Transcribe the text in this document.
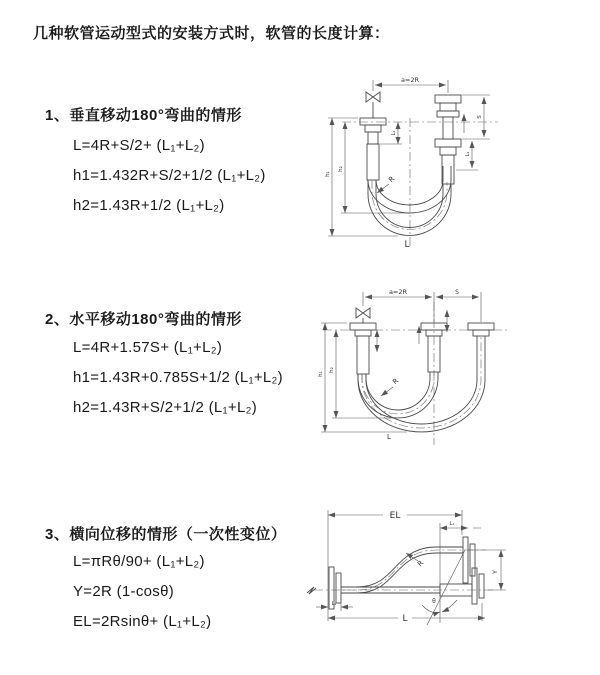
几种软管运动型式的安装方式时，软管的长度计算：
1、垂直移动180°弯曲的情形
L=4R+S/2+ (L₁+L₂)
h1=1.432R+S/2+1/2 (L₁+L₂)
h2=1.43R+1/2 (L₁+L₂)
a=2R
L₁
S
L₁
h₁
h₂
R
L
2、水平移动180°弯曲的情形
L=4R+1.57S+ (L₁+L₂)
h1=1.43R+0.785S+1/2 (L₁+L₂)
h2=1.43R+S/2+1/2 (L₁+L₂)
a=2R	S
h₁
h₂
R
L
3、横向位移的情形（一次性变位）
L=πRθ/90+ (L₁+L₂)
Y=2R (1-cosθ)
EL=2Rsinθ+ (L₁+L₂)
EL
L₁
Y
R
θ
L
L₁
